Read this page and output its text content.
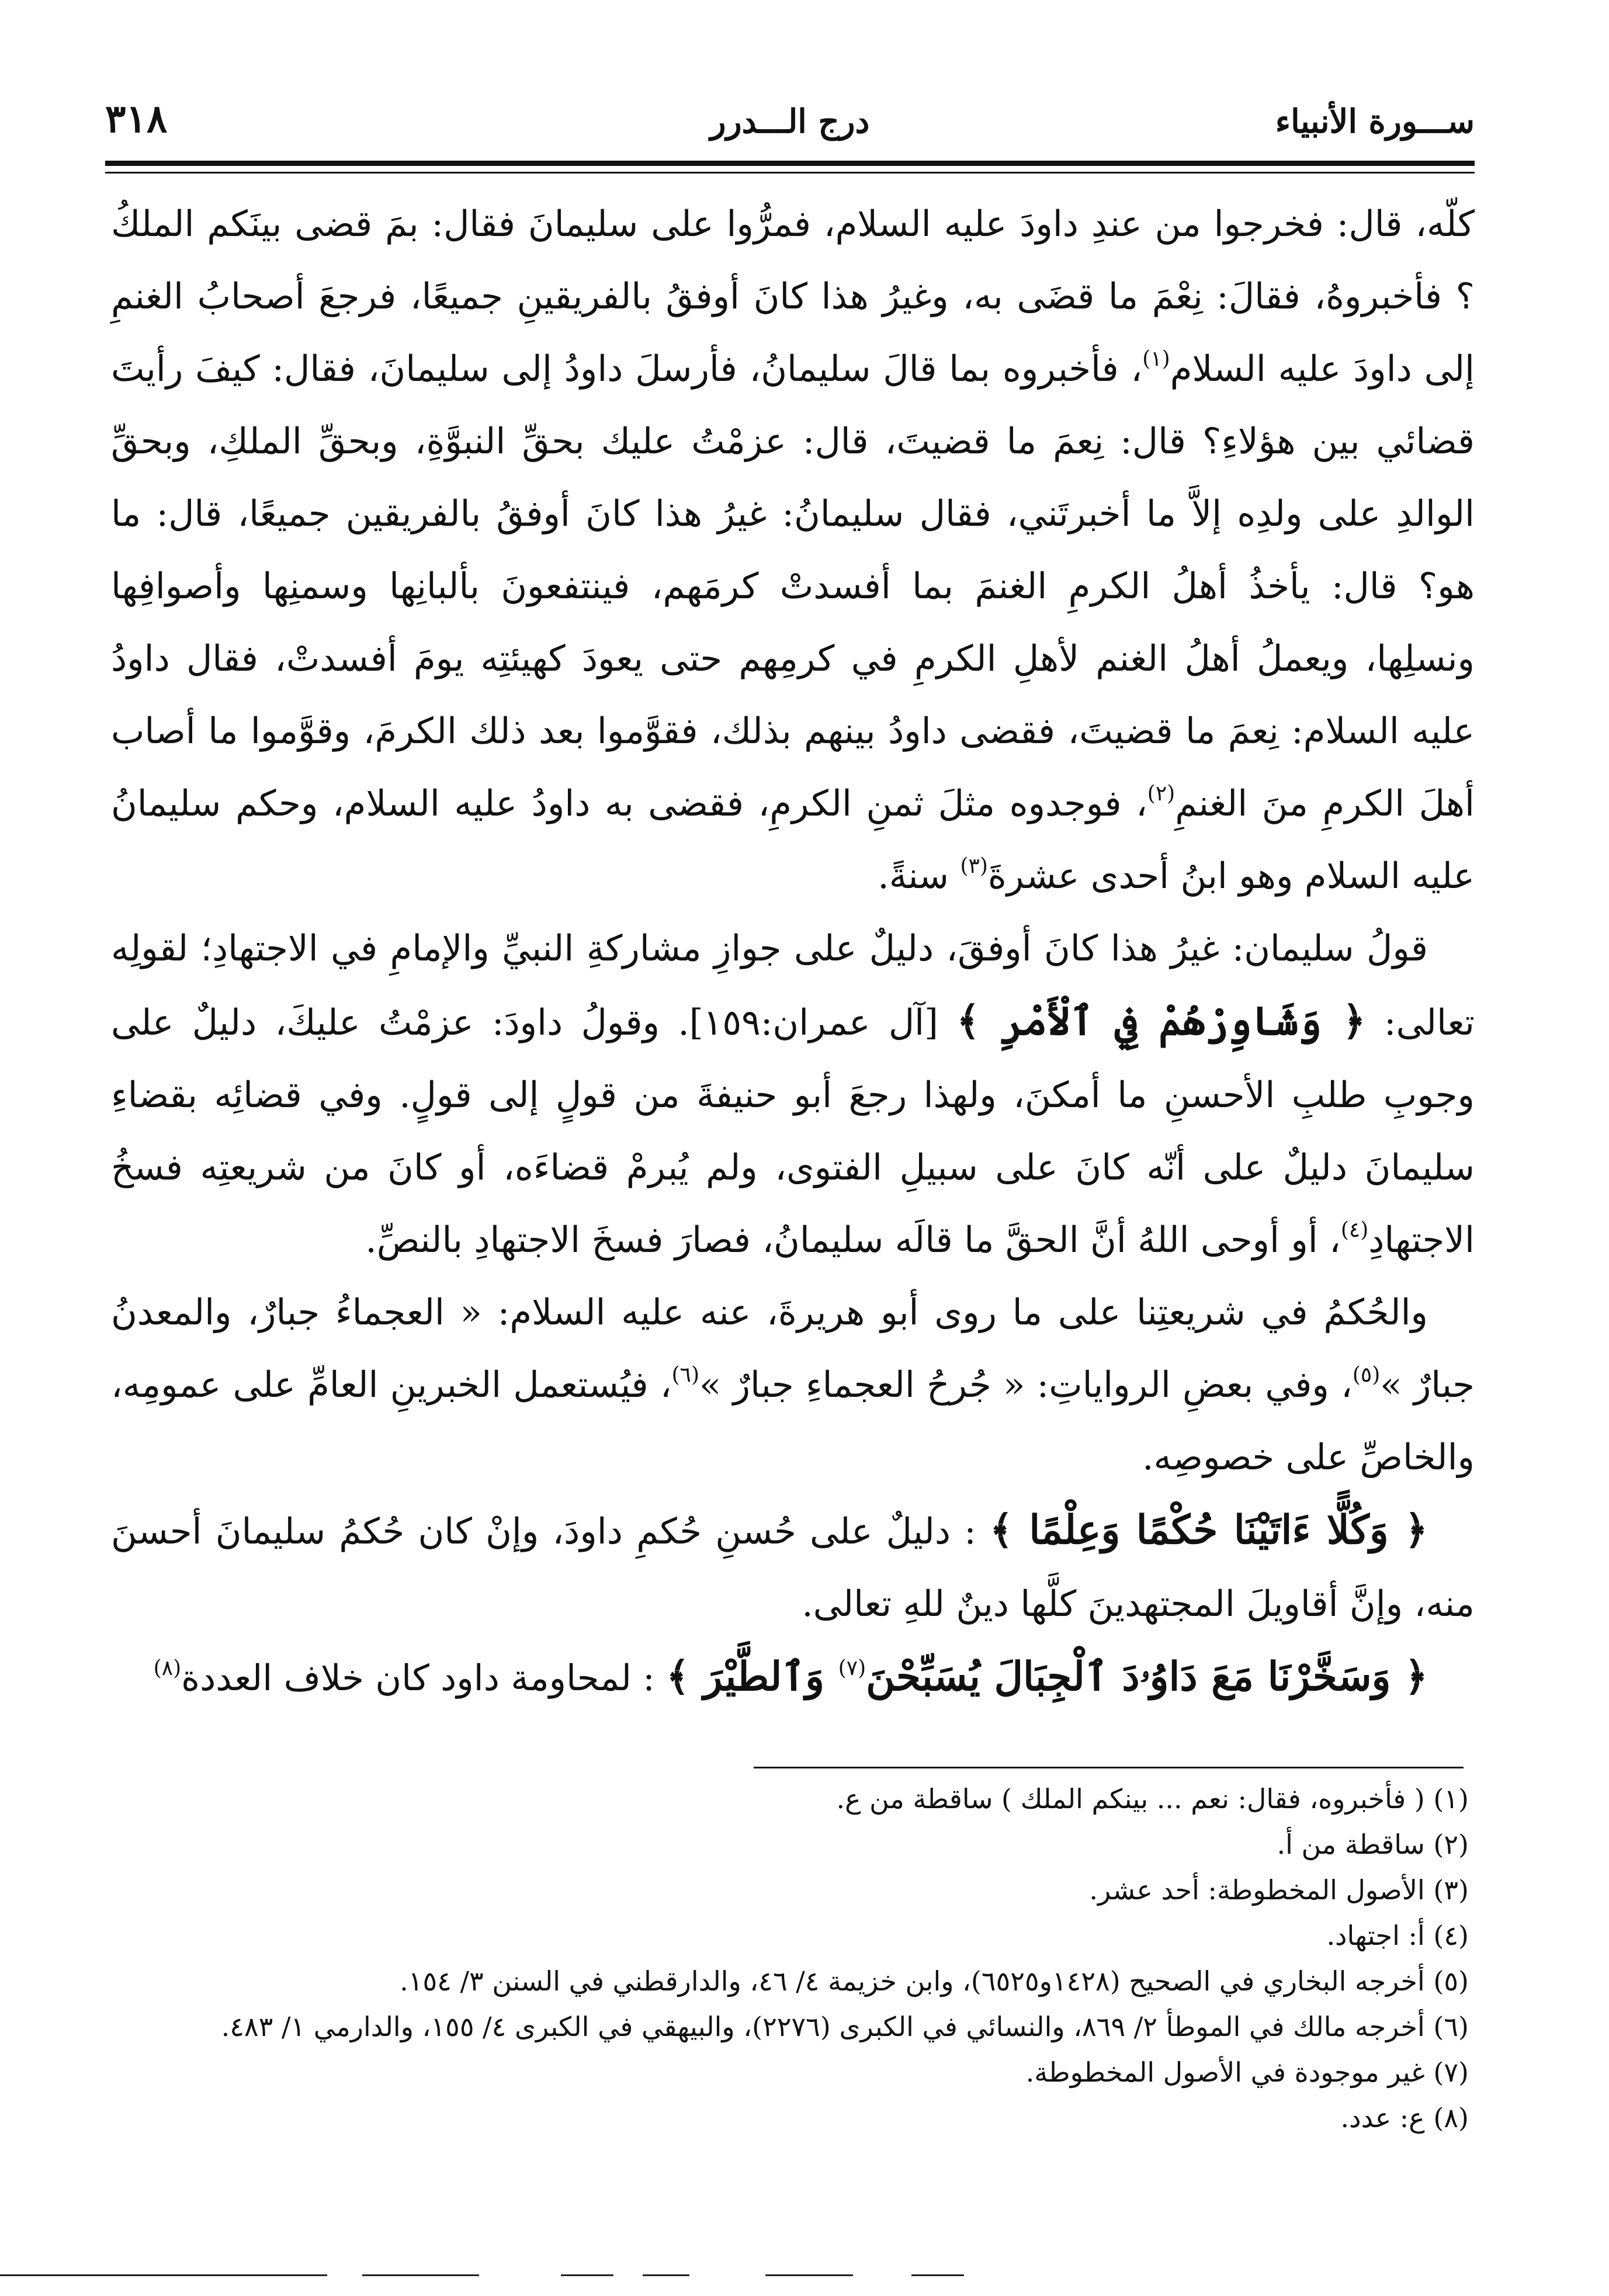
ســـورة الأنبياء
درج الـــدرر
٣١٨

كلّه، قال: فخرجوا من عندِ داودَ عليه السلام، فمرُّوا على سليمانَ فقال: بمَ قضى بينَكم الملكُ ؟ فأخبروهُ، فقالَ: نِعْمَ ما قضَى به، وغيرُ هذا كانَ أوفقُ بالفريقينِ جميعًا، فرجعَ أصحابُ الغنمِ إلى داودَ عليه السلام$^{(١)}$، فأخبروه بما قالَ سليمانُ، فأرسلَ داودُ إلى سليمانَ، فقال: كيفَ رأيتَ قضائي بين هؤلاءِ؟ قال: نِعمَ ما قضيتَ، قال: عزمْتُ عليك بحقِّ النبوَّةِ، وبحقِّ الملكِ، وبحقِّ الوالدِ على ولدِه إلاَّ ما أخبرتَني، فقال سليمانُ: غيرُ هذا كانَ أوفقُ بالفريقين جميعًا، قال: ما هو؟ قال: يأخذُ أهلُ الكرمِ الغنمَ بما أفسدتْ كرمَهم، فينتفعونَ بألبانِها وسمنِها وأصوافِها ونسلِها، ويعملُ أهلُ الغنم لأهلِ الكرمِ في كرمِهم حتى يعودَ كهيئتِه يومَ أفسدتْ، فقال داودُ عليه السلام: نِعمَ ما قضيتَ، فقضى داودُ بينهم بذلك، فقوَّموا بعد ذلك الكرمَ، وقوَّموا ما أصاب أهلَ الكرمِ منَ الغنمِ$^{(٢)}$، فوجدوه مثلَ ثمنِ الكرمِ، فقضى به داودُ عليه السلام، وحكم سليمانُ عليه السلام وهو ابنُ أحدى عشرةَ$^{(٣)}$ سنةً.

قولُ سليمان: غيرُ هذا كانَ أوفقَ، دليلٌ على جوازِ مشاركةِ النبيِّ والإمامِ في الاجتهادِ؛ لقولِه تعالى: ﴿ وَشَاوِرْهُمْ فِي ٱلْأَمْرِ ﴾ [آل عمران:١٥٩]. وقولُ داودَ: عزمْتُ عليكَ، دليلٌ على وجوبِ طلبِ الأحسنِ ما أمكنَ، ولهذا رجعَ أبو حنيفةَ من قولٍ إلى قولٍ. وفي قضائِه بقضاءِ سليمانَ دليلٌ على أنّه كانَ على سبيلِ الفتوى، ولم يُبرمْ قضاءَه، أو كانَ من شريعتِه فسخُ الاجتهادِ$^{(٤)}$، أو أوحى اللهُ أنَّ الحقَّ ما قالَه سليمانُ، فصارَ فسخَ الاجتهادِ بالنصِّ.

والحُكمُ في شريعتِنا على ما روى أبو هريرةَ، عنه عليه السلام: « العجماءُ جبارٌ، والمعدنُ جبارٌ »$^{(٥)}$، وفي بعضِ الرواياتِ: « جُرحُ العجماءِ جبارٌ »$^{(٦)}$، فيُستعمل الخبرينِ العامِّ على عمومِه، والخاصِّ على خصوصِه.

﴿ وَكُلًّا ءَاتَيْنَا حُكْمًا وَعِلْمًا ﴾ : دليلٌ على حُسنِ حُكمِ داودَ، وإنْ كان حُكمُ سليمانَ أحسنَ منه، وإنَّ أقاويلَ المجتهدينَ كلَّها دينٌ للهِ تعالى.

﴿ وَسَخَّرْنَا مَعَ دَاوُۥدَ ٱلْجِبَالَ يُسَبِّحْنَ$^{(٧)}$ وَٱلطَّيْرَ ﴾ : لمحاومة داود كان خلاف العددة$^{(٨)}$

(١) ( فأخبروه، فقال: نعم ... بينكم الملك ) ساقطة من ع.
(٢) ساقطة من أ.
(٣) الأصول المخطوطة: أحد عشر.
(٤) أ: اجتهاد.
(٥) أخرجه البخاري في الصحيح (١٤٢٨و٦٥٢٥)، وابن خزيمة ٤/ ٤٦، والدارقطني في السنن ٣/ ١٥٤.
(٦) أخرجه مالك في الموطأ ٢/ ٨٦٩، والنسائي في الكبرى (٢٢٧٦)، والبيهقي في الكبرى ٤/ ١٥٥، والدارمي ١/ ٤٨٣.
(٧) غير موجودة في الأصول المخطوطة.
(٨) ع: عدد.
